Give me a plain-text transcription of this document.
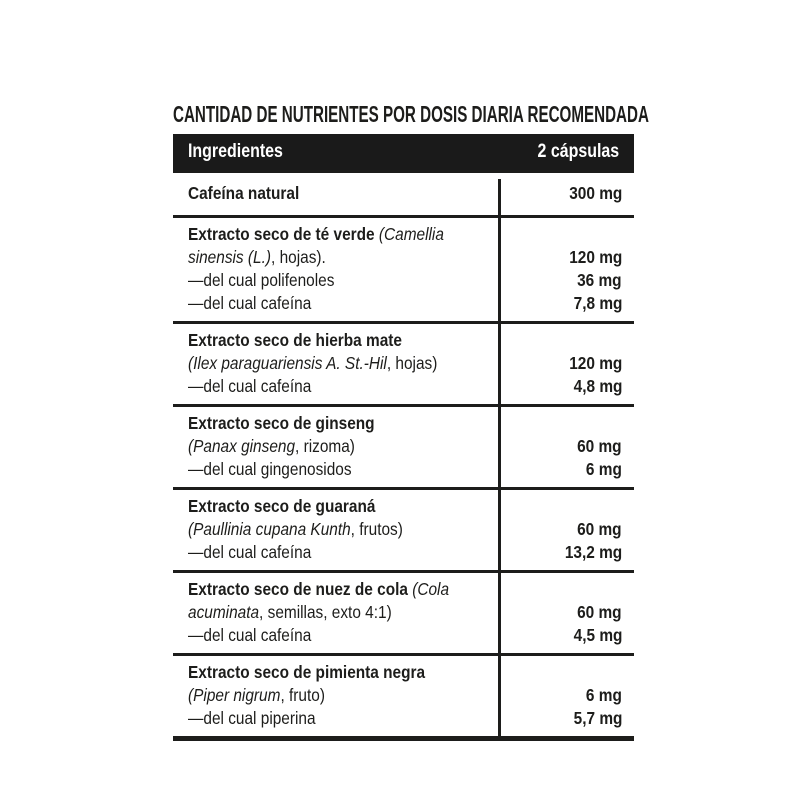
CANTIDAD DE NUTRIENTES POR DOSIS DIARIA RECOMENDADA
Ingredientes	2 cápsulas
Cafeína natural	300 mg
Extracto seco de té verde (Camellia
sinensis (L.), hojas).
—del cual polifenoles
—del cual cafeína

120 mg
36 mg
7,8 mg
Extracto seco de hierba mate
(Ilex paraguariensis A. St.-Hil, hojas)
—del cual cafeína

120 mg
4,8 mg
Extracto seco de ginseng
(Panax ginseng, rizoma)
—del cual gingenosidos

60 mg
6 mg
Extracto seco de guaraná
(Paullinia cupana Kunth, frutos)
—del cual cafeína

60 mg
13,2 mg
Extracto seco de nuez de cola (Cola
acuminata, semillas, exto 4:1)
—del cual cafeína

60 mg
4,5 mg
Extracto seco de pimienta negra
(Piper nigrum, fruto)
—del cual piperina

6 mg
5,7 mg
